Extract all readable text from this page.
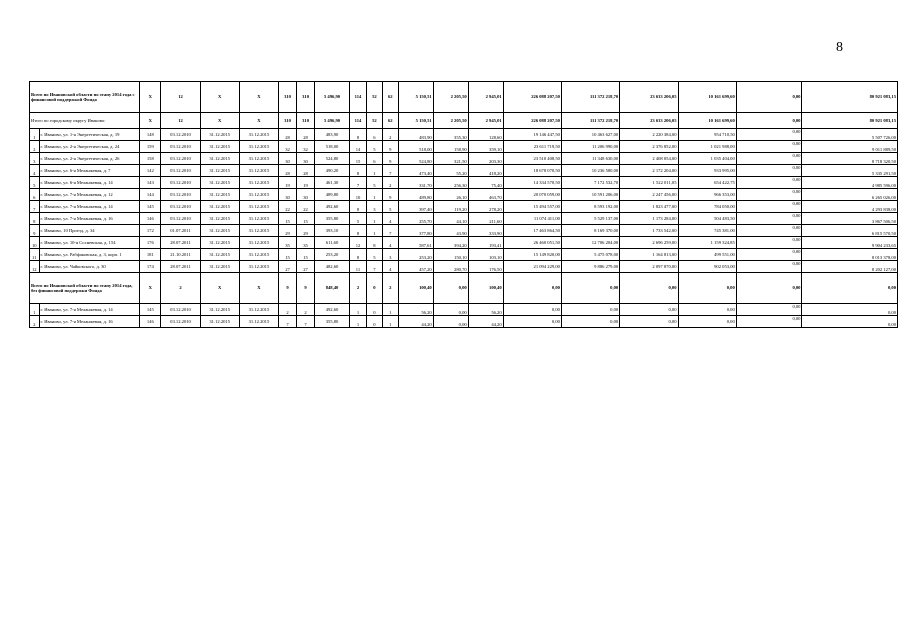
8
Всего по Ивановской области по этапу 2014 года с финансовой поддержкой Фонда		X	12	X	X	310	310	5 496,90	114	52	62	5 150,51	2 205,50	2 945,01	226 088 207,50	111 372 218,70	23 633 206,05	10 161 699,60	0,00	80 921 083,15
Итого по городскому округу Иваново:		X	12	X	X	310	310	5 496,90	114	52	62	5 150,51	2 205,50	2 945,01	226 088 207,50	111 372 218,70	23 633 206,05	10 161 699,60	0,00	80 921 083,15
1	г. Иваново, ул. 1-я Энергетическая, д. 19	148	03.12.2010	31.12.2015	31.12.2015	28	28	483,90	8	6	2	483,90	355,30	128,60	19 146 447,50	10 463 627,00	2 220 384,00	954 710,50	0,00	5 507 726,00
2	г. Иваново, ул. 2-я Энергетическая, д. 24	159	03.12.2010	31.12.2015	31.12.2015	32	32	518,00	14	5	9	518,00	158,90	359,10	23 611 719,50	11 206 990,00	2 376 852,00	1 021 988,00	0,00	9 011 889,50
3	г. Иваново, ул. 2-я Энергетическая, д. 26	158	03.12.2010	31.12.2015	31.12.2015	30	30	524,80	15	6	9	524,80	321,50	203,30	23 510 408,50	11 348 630,00	2 408 054,00	1 035 404,00	0,00	8 718 320,50
4	г. Иваново, ул. 6-я Меланжевая, д. 7	142	03.12.2010	31.12.2015	31.12.2015	28	28	490,20	8	1	7	473,40	55,20	418,20	18 678 070,50	10 236 580,00	2 172 204,00	933 995,00	0,00	5 335 291,50
5	г. Иваново, ул. 6-я Меланжевая, д. 14	143	03.12.2010	31.12.2015	31.12.2015	19	19	461,30	7	5	2	331,70	256,30	75,40	14 334 570,50	7 172 532,70	1 522 011,05	654 422,75	0,00	4 985 596,00
6	г. Иваново, ул. 7-я Меланжевая, д. 12	144	03.12.2010	31.12.2015	31.12.2015	30	30	489,80	10	1	9	489,80	26,10	463,70	20 070 059,00	10 591 206,00	2 247 456,00	966 353,00	0,00	6 265 026,00
7	г. Иваново, ул. 7-я Меланжевая, д. 14	145	03.12.2010	31.12.2015	31.12.2015	22	22	492,60	8	3	5	397,40	119,20	278,20	15 494 557,00	8 593 192,00	1 823 477,00	784 050,00	0,00	4 293 838,00
8	г. Иваново, ул. 7-я Меланжевая, д. 16	146	03.12.2010	31.12.2015	31.12.2015	15	15	355,80	5	1	4	255,70	44,10	211,60	11 074 411,00	5 529 137,00	1 173 284,00	504 483,50	0,00	3 867 506,50
9	г. Иваново, 10 Проезд, д. 34	172	01.07.2011	31.12.2015	31.12.2015	29	29	393,10	8	1	7	377,80	43,90	333,90	17 463 864,50	8 169 370,00	1 733 542,00	745 381,00	0,00	6 815 570,50
10	г. Иваново, ул. 10-я Сосневская, д. 154	176	28.07.2011	31.12.2015	31.12.2015	35	35	611,60	12	8	4	587,61	394,20	193,41	26 460 051,50	12 706 204,00	2 696 259,00	1 159 324,85	0,00	9 904 233,65
11	г. Иваново, ул. Рабфаковская, д. 3, корп. 1	181	21.10.2011	31.12.2015	31.12.2015	15	15	253,20	8	5	3	253,20	150,10	103,10	15 149 820,00	5 475 078,00	1 164 813,00	499 551,00	0,00	8 013 378,00
12	г. Иваново, ул. Чайковского, д. 30	174	28.07.2011	31.12.2015	31.12.2015	27	27	482,60	11	7	4	457,20	280,70	176,50	21 094 229,00	9 886 279,00	2 097 870,00	902 053,00	0,00	8 202 127,00
Всего по Ивановской области по этапу 2014 года, без финансовой поддержки Фонда		X	2	X	X	9	9	848,40	2	0	2	100,40	0,00	100,40	0,00	0,00	0,00	0,00	0,00	0,00
1	г. Иваново, ул. 7-я Меланжевая, д. 14	145	03.12.2010	31.12.2015	31.12.2015	2	2	492,60	1	0	1	56,20	0,00	56,20	0,00	0,00	0,00	0,00	0,00	0,00
2	г. Иваново, ул. 7-я Меланжевая, д. 16	146	03.12.2010	31.12.2015	31.12.2015	7	7	355,80	1	0	1	44,20	0,00	44,20	0,00	0,00	0,00	0,00	0,00	0,00
